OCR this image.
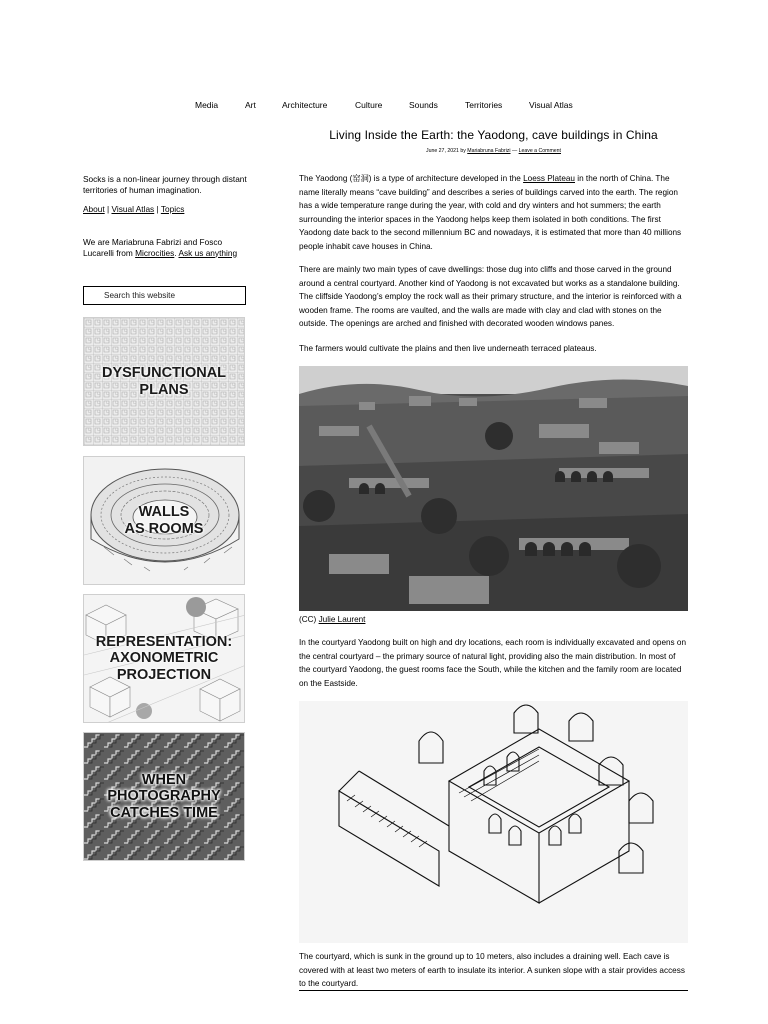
Media	Art	Architecture	Culture	Sounds	Territories	Visual Atlas

Socks is a non-linear journey through distant territories of human imagination.

About | Visual Atlas | Topics
We are Mariabruna Fabrizi and Fosco Lucarelli from Microcities. Ask us anything
Search this website
DYSFUNCTIONAL
PLANS
WALLS
AS ROOMS
REPRESENTATION:
AXONOMETRIC
PROJECTION
WHEN
PHOTOGRAPHY
CATCHES TIME
Living Inside the Earth: the Yaodong, cave buildings in China
June 27, 2021 by Mariabruna Fabrizi — Leave a Comment

The Yaodong (窑洞) is a type of architecture developed in the Loess Plateau in the north of China. The name literally means “cave building” and describes a series of buildings carved into the earth. The region has a wide temperature range during the year, with cold and dry winters and hot summers; the earth surrounding the interior spaces in the Yaodong helps keep them isolated in both conditions. The first Yaodong date back to the second millennium BC and nowadays, it is estimated that more than 40 millions people inhabit cave houses in China.

There are mainly two main types of cave dwellings: those dug into cliffs and those carved in the ground around a central courtyard. Another kind of Yaodong is not excavated but works as a standalone building. The cliffside Yaodong’s employ the rock wall as their primary structure, and the interior is reinforced with a wooden frame. The rooms are vaulted, and the walls are made with clay and clad with stones on the outside. The openings are arched and finished with decorated wooden windows panes.

The farmers would cultivate the plains and then live underneath terraced plateaus.

(CC) Julie Laurent

In the courtyard Yaodong built on high and dry locations, each room is individually excavated and opens on the central courtyard – the primary source of natural light, providing also the main distribution. In most of the courtyard Yaodong, the guest rooms face the South, while the kitchen and the family room are located on the Eastside.

The courtyard, which is sunk in the ground up to 10 meters, also includes a draining well. Each cave is covered with at least two meters of earth to insulate its interior. A sunken slope with a stair provides access to the courtyard.
